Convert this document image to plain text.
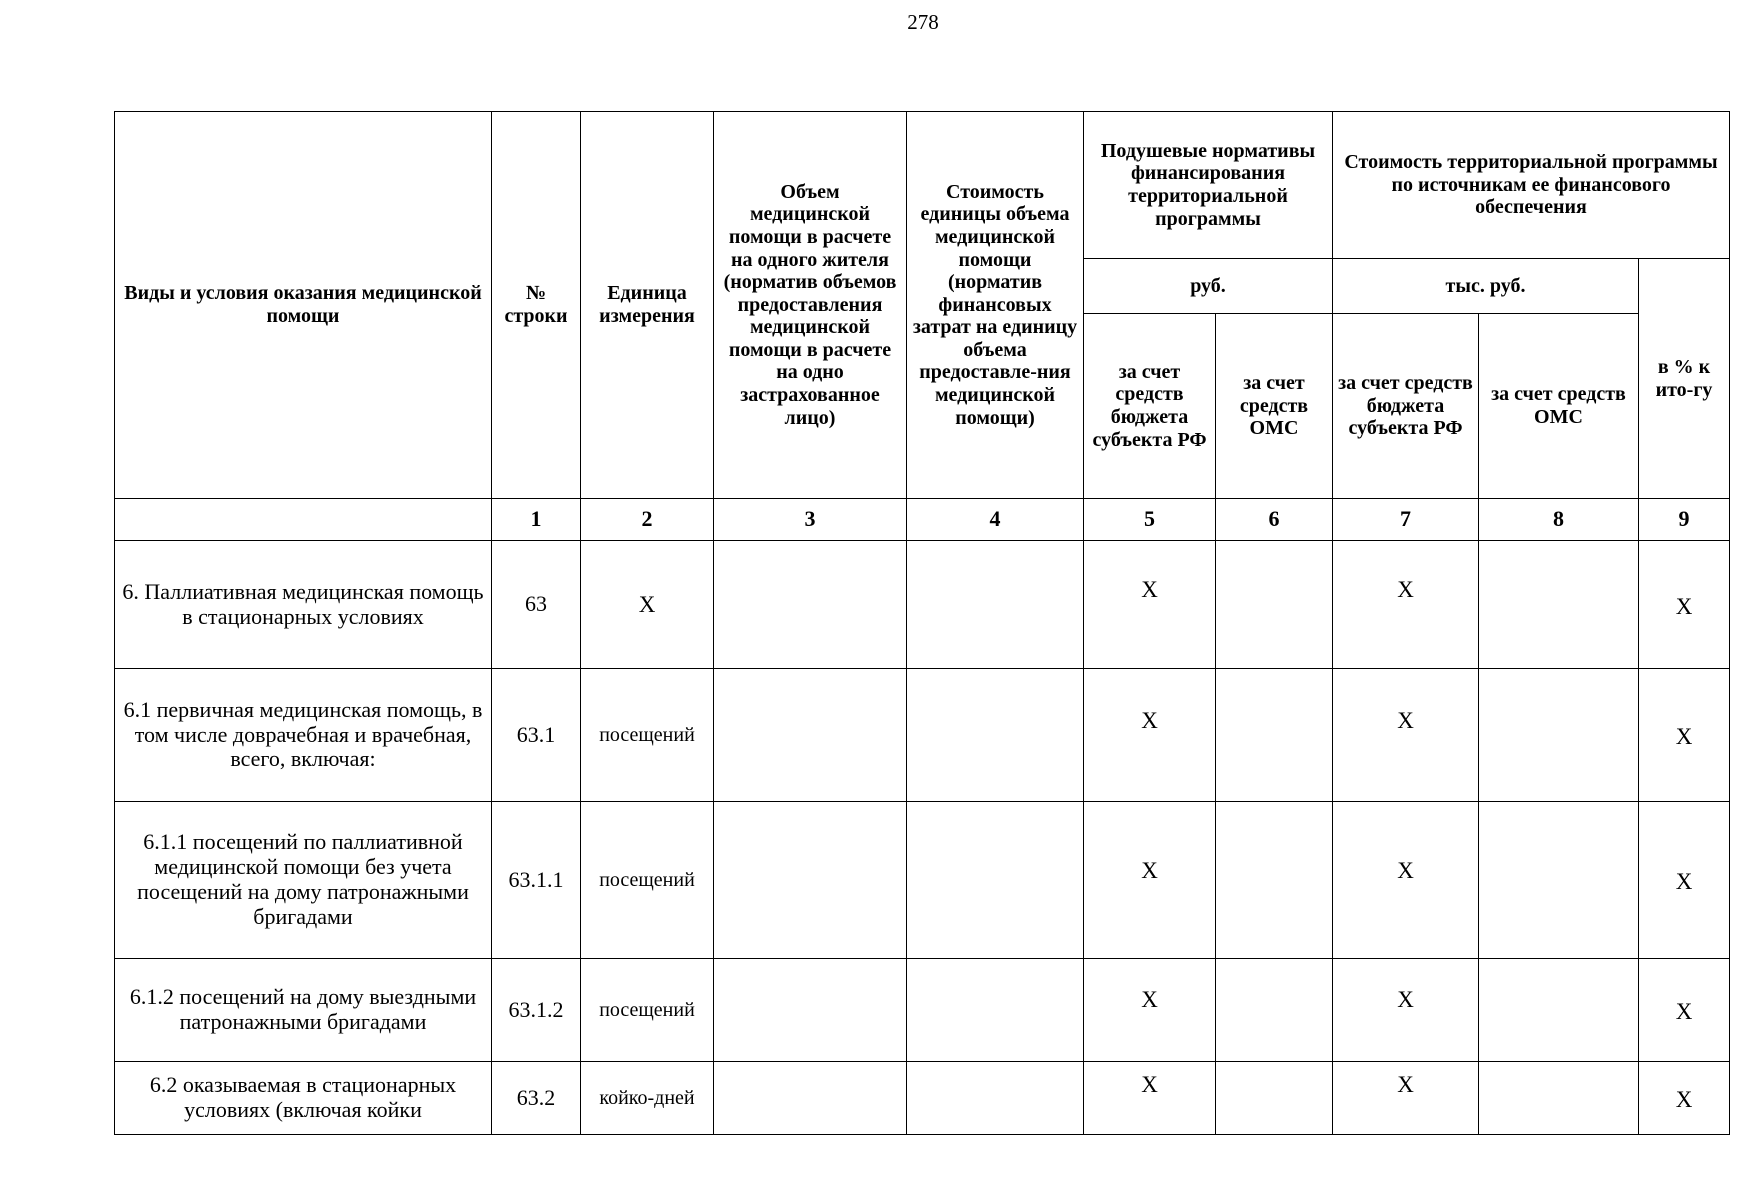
278
Виды и условия оказания медицинской помощи	№ строки	Единица измерения	Объем медицинской помощи в расчете на одного жителя (норматив объемов предоставления медицинской помощи в расчете на одно застрахованное лицо)	Стоимость единицы объема медицинской помощи (норматив финансовых затрат на единицу объема предоставле-ния медицинской помощи)	Подушевые нормативы финансирования территориальной программы		Стоимость территориальной программы по источникам ее финансового обеспечения		
					руб.		тыс. руб.		в % к ито-гу
					за счет средств бюджета субъекта РФ	за счет средств ОМС	за счет средств бюджета субъекта РФ	за счет средств ОМС	
	1	2	3	4	5	6	7	8	9
6. Паллиативная медицинская помощь в стационарных условиях	63	X			X		X		X
6.1 первичная медицинская помощь, в том числе доврачебная и врачебная, всего, включая:	63.1	посещений			X		X		X
6.1.1 посещений по паллиативной медицинской помощи без учета посещений на дому патронажными бригадами	63.1.1	посещений			X		X		X
6.1.2 посещений на дому выездными патронажными бригадами	63.1.2	посещений			X		X		X
6.2 оказываемая в стационарных условиях (включая койки	63.2	койко-дней			X		X		X
